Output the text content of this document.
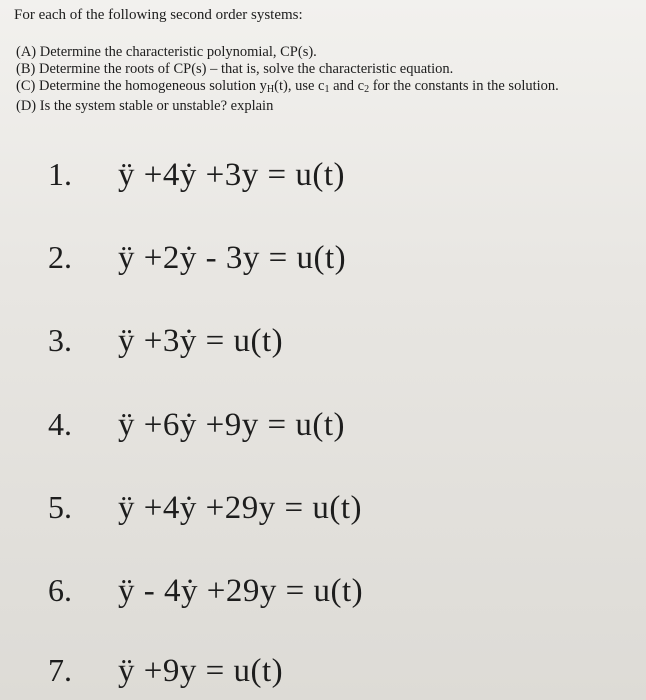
For each of the following second order systems:
(A) Determine the characteristic polynomial, CP(s).
(B) Determine the roots of CP(s) – that is, solve the characteristic equation.
(C) Determine the homogeneous solution $y_H(t)$, use $c_1$ and $c_2$ for the constants in the solution.
(D) Is the system stable or unstable? explain
1.	ÿ +4ẏ +3y = u(t)
2.	ÿ +2ẏ - 3y = u(t)
3.	ÿ +3ẏ = u(t)
4.	ÿ +6ẏ +9y = u(t)
5.	ÿ +4ẏ +29y = u(t)
6.	ÿ - 4ẏ +29y = u(t)
7.	ÿ +9y = u(t)
